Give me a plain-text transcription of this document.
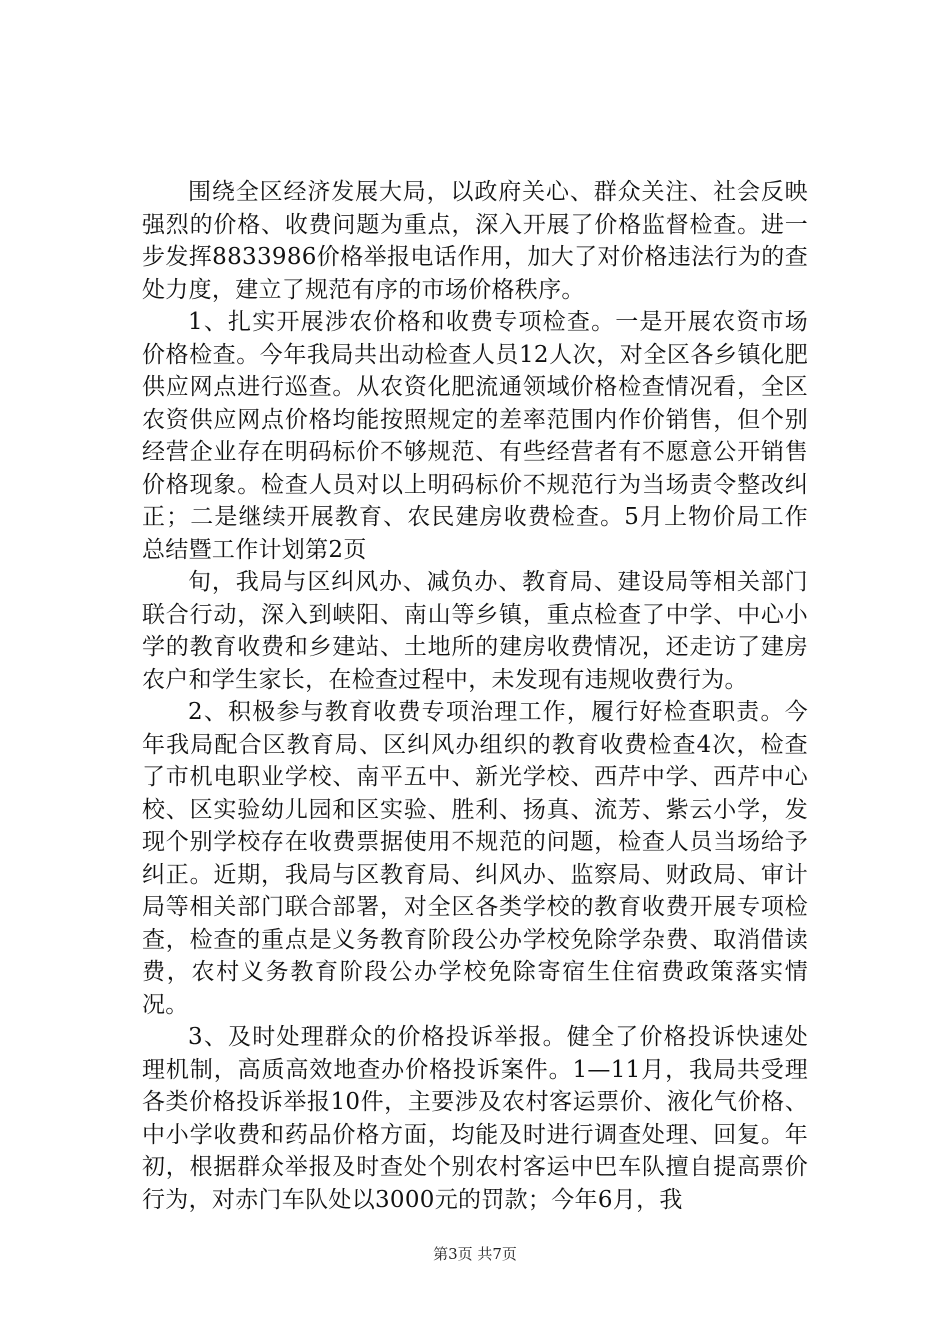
围绕全区经济发展大局，以政府关心、群众关注、社会反映强烈的价格、收费问题为重点，深入开展了价格监督检查。进一步发挥8833986价格举报电话作用，加大了对价格违法行为的查处力度，建立了规范有序的市场价格秩序。

1、扎实开展涉农价格和收费专项检查。一是开展农资市场价格检查。今年我局共出动检查人员12人次，对全区各乡镇化肥供应网点进行巡查。从农资化肥流通领域价格检查情况看，全区农资供应网点价格均能按照规定的差率范围内作价销售，但个别经营企业存在明码标价不够规范、有些经营者有不愿意公开销售价格现象。检查人员对以上明码标价不规范行为当场责令整改纠正；二是继续开展教育、农民建房收费检查。5月上物价局工作总结暨工作计划第2页

旬，我局与区纠风办、减负办、教育局、建设局等相关部门联合行动，深入到峡阳、南山等乡镇，重点检查了中学、中心小学的教育收费和乡建站、土地所的建房收费情况，还走访了建房农户和学生家长，在检查过程中，未发现有违规收费行为。

2、积极参与教育收费专项治理工作，履行好检查职责。今年我局配合区教育局、区纠风办组织的教育收费检查4次，检查了市机电职业学校、南平五中、新光学校、西芹中学、西芹中心校、区实验幼儿园和区实验、胜利、扬真、流芳、紫云小学，发现个别学校存在收费票据使用不规范的问题，检查人员当场给予纠正。近期，我局与区教育局、纠风办、监察局、财政局、审计局等相关部门联合部署，对全区各类学校的教育收费开展专项检查，检查的重点是义务教育阶段公办学校免除学杂费、取消借读费，农村义务教育阶段公办学校免除寄宿生住宿费政策落实情况。

3、及时处理群众的价格投诉举报。健全了价格投诉快速处理机制，高质高效地查办价格投诉案件。1—11月，我局共受理各类价格投诉举报10件，主要涉及农村客运票价、液化气价格、中小学收费和药品价格方面，均能及时进行调查处理、回复。年初，根据群众举报及时查处个别农村客运中巴车队擅自提高票价行为，对赤门车队处以3000元的罚款；今年6月，我

第3页 共7页
